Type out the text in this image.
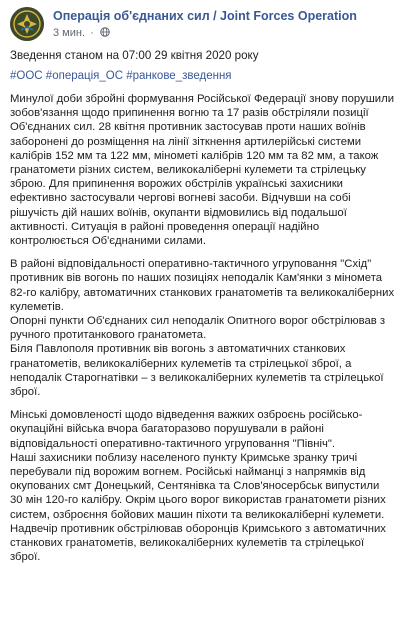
Операція об'єднаних сил / Joint Forces Operation
3 мин. ·

Зведення станом на 07:00 29 квітня 2020 року

#ООС #операція_ОС #ранкове_зведення

Минулої доби збройні формування Російської Федерації знову порушили

зобов'язання щодо припинення вогню та 17 разів обстріляли позиції

Об'єднаних сил. 28 квітня противник застосував проти наших воїнів

заборонені до розміщення на лінії зіткнення артилерійські системи

калібрів 152 мм та 122 мм, мінометі калібрів 120 мм та 82 мм, а також

гранатомети різних систем, великокаліберні кулемети та стрілецьку

зброю. Для припинення ворожих обстрілів українські захисники

ефективно застосували чергові вогневі засоби. Відчувши на собі

рішучість дій наших воїнів, окупанти відмовились від подальшої

активності. Ситуація в районі проведення операції надійно

контролюється Об'єднаними силами.

В районі відповідальності оперативно-тактичного угруповання "Схід"

противник вів вогонь по наших позиціях неподалік Кам'янки з міномета

82-го калібру, автоматичних станкових гранатометів та великокаліберних

кулеметів.

Опорні пункти Об'єднаних сил неподалік Опитного ворог обстрілював з

ручного протитанкового гранатомета.

Біля Павлополя противник вів вогонь з автоматичних станкових

гранатометів, великокаліберних кулеметів та стрілецької зброї, а

неподалік Старогнатівки – з великокаліберних кулеметів та стрілецької

зброї.

Мінські домовленості щодо відведення важких озброєнь російсько-

окупаційні війська вчора багаторазово порушували в районі

відповідальності оперативно-тактичного угруповання "Північ".

Наші захисники поблизу населеного пункту Кримське зранку тричі

перебували під ворожим вогнем. Російські найманці з напрямків від

окупованих смт Донецький, Сентянівка та Слов'яносербськ випустили

30 мін 120-го калібру. Окрім цього ворог використав гранатомети різних

систем, озброєння бойових машин піхоти та великокаліберні кулемети.

Надвечір противник обстрілював оборонців Кримського з автоматичних

станкових гранатометів, великокаліберних кулеметів та стрілецької

зброї.
